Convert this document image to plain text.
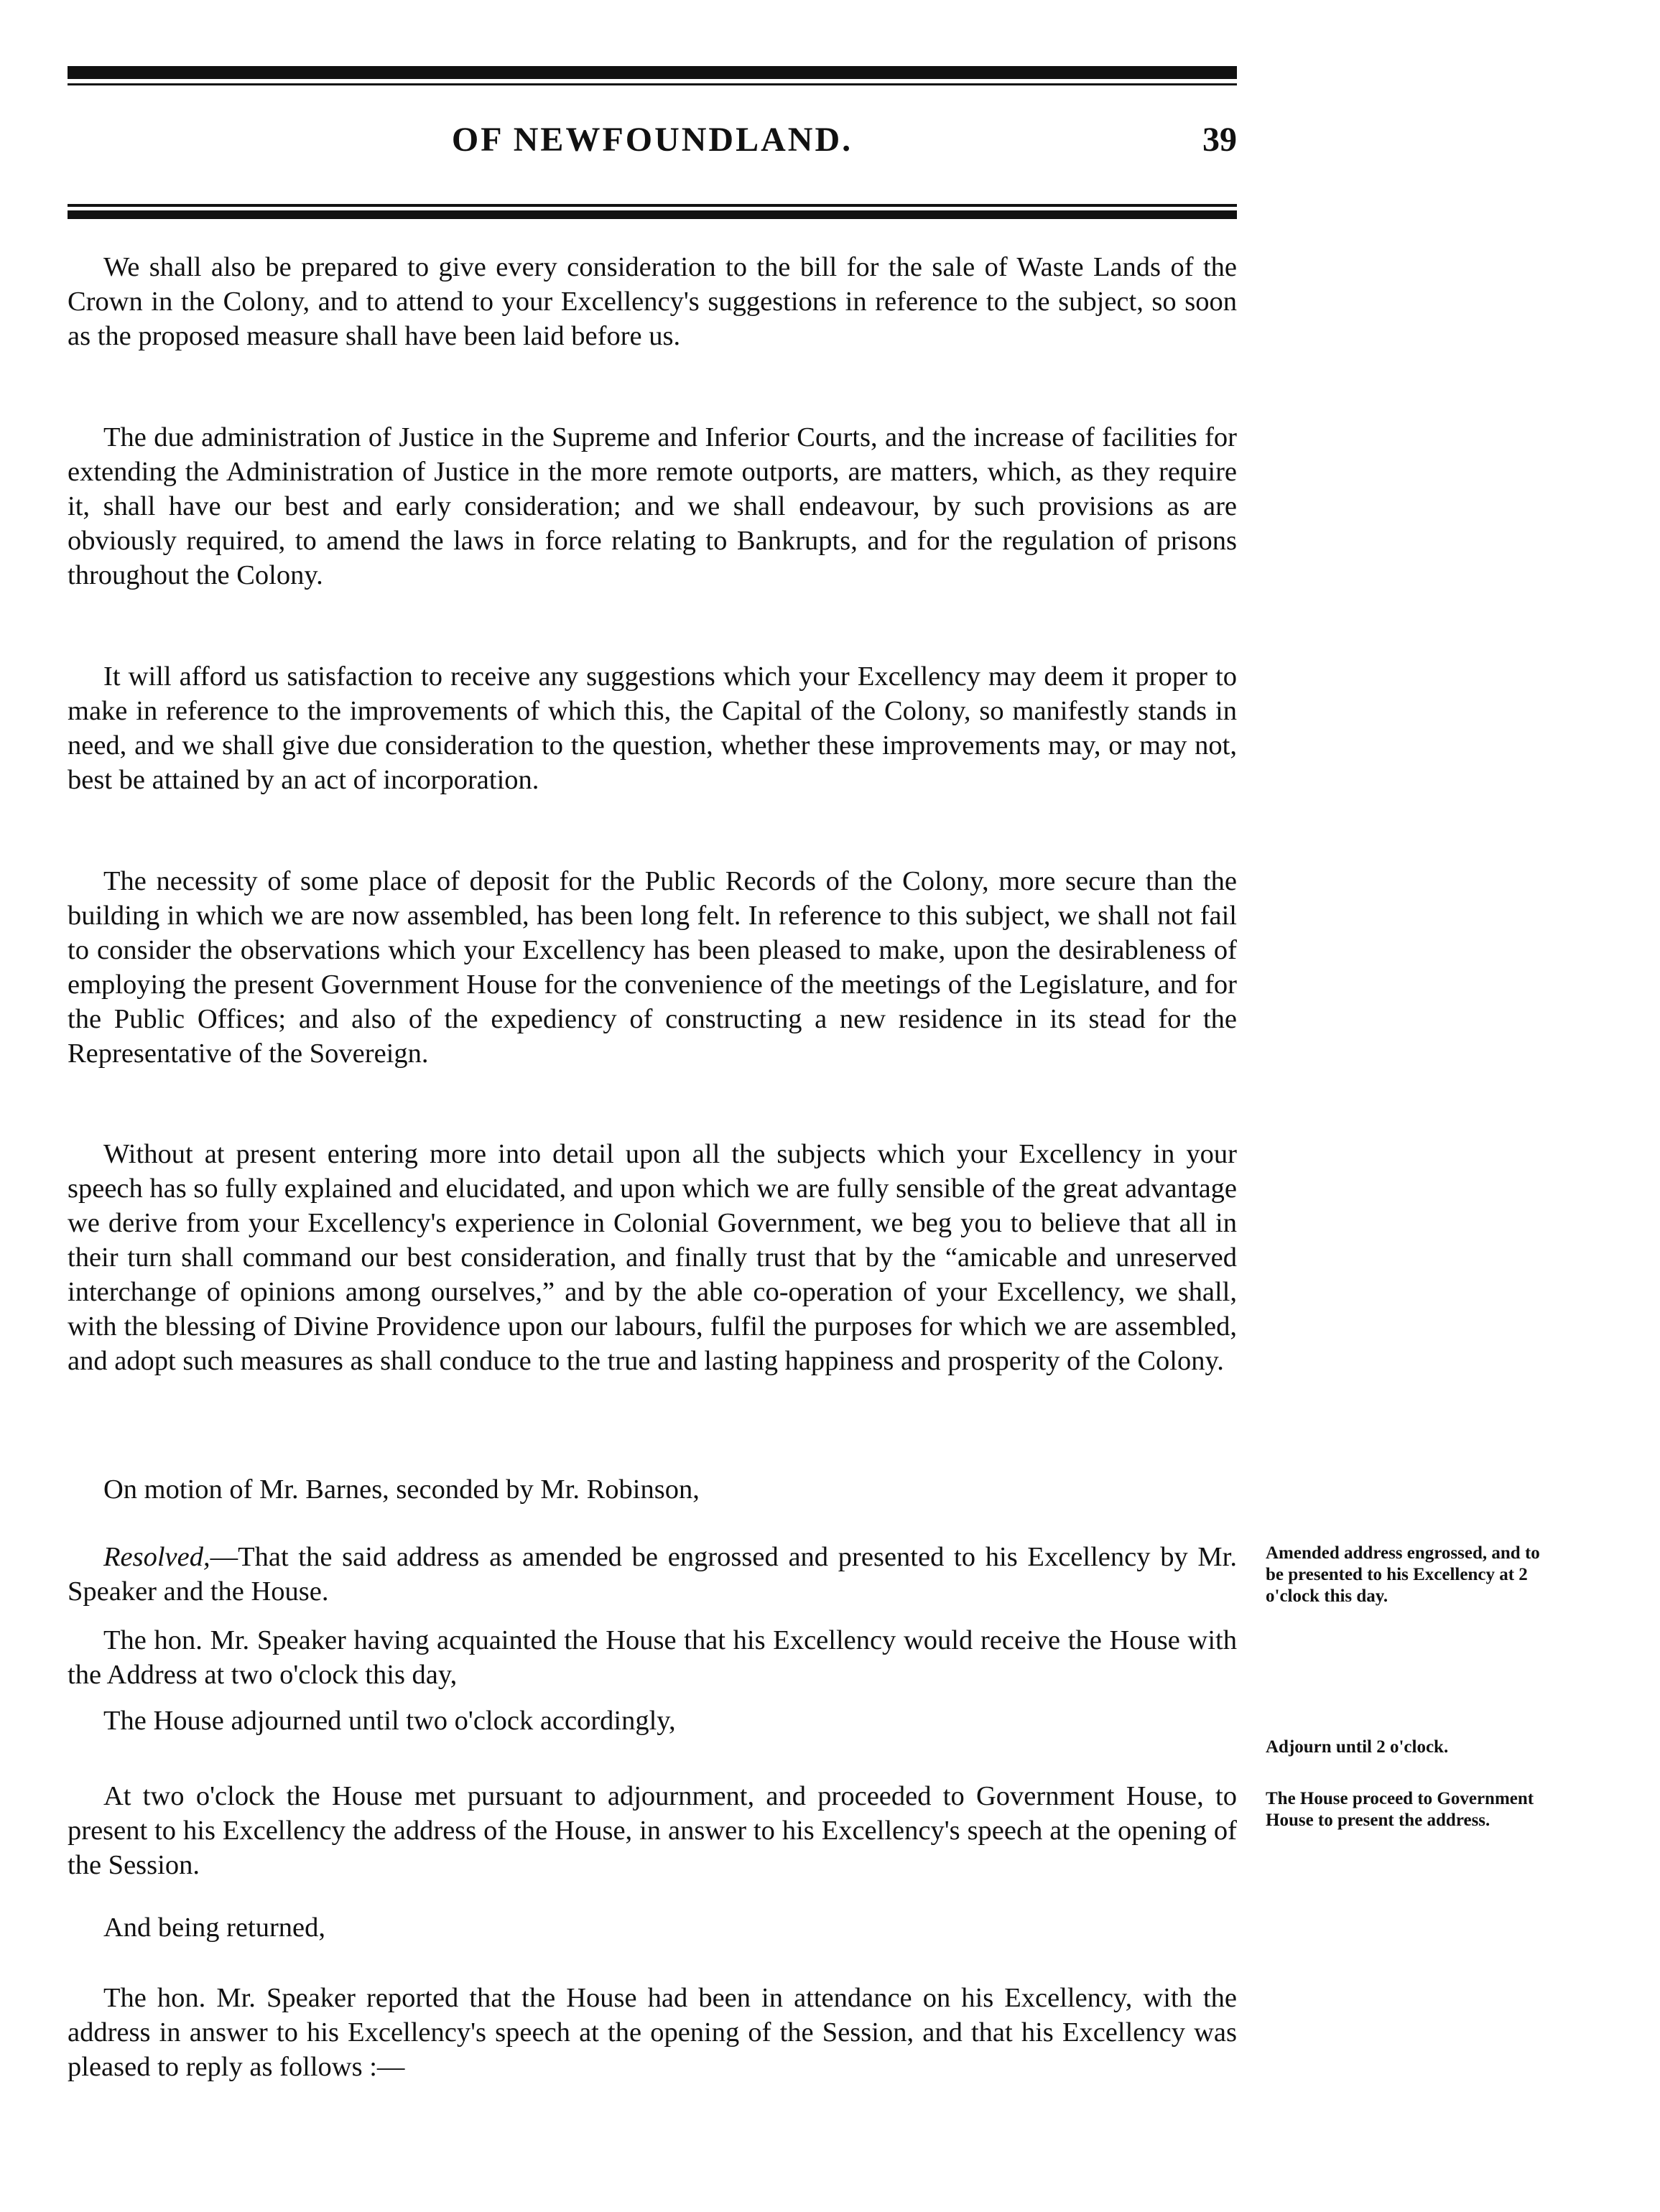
OF NEWFOUNDLAND.	39

We shall also be prepared to give every consideration to the bill for the sale of Waste Lands of the Crown in the Colony, and to attend to your Excellency's suggestions in reference to the subject, so soon as the proposed measure shall have been laid before us.

The due administration of Justice in the Supreme and Inferior Courts, and the increase of facilities for extending the Administration of Justice in the more remote outports, are matters, which, as they require it, shall have our best and early consideration; and we shall endeavour, by such provisions as are obviously required, to amend the laws in force relating to Bankrupts, and for the regulation of prisons throughout the Colony.

It will afford us satisfaction to receive any suggestions which your Excellency may deem it proper to make in reference to the improvements of which this, the Capital of the Colony, so manifestly stands in need, and we shall give due consideration to the question, whether these improvements may, or may not, best be attained by an act of incorporation.

The necessity of some place of deposit for the Public Records of the Colony, more secure than the building in which we are now assembled, has been long felt. In reference to this subject, we shall not fail to consider the observations which your Excellency has been pleased to make, upon the desirableness of employing the present Government House for the convenience of the meetings of the Legislature, and for the Public Offices; and also of the expediency of constructing a new residence in its stead for the Representative of the Sovereign.

Without at present entering more into detail upon all the subjects which your Excellency in your speech has so fully explained and elucidated, and upon which we are fully sensible of the great advantage we derive from your Excellency's experience in Colonial Government, we beg you to believe that all in their turn shall command our best consideration, and finally trust that by the “amicable and unreserved interchange of opinions among ourselves,” and by the able co-operation of your Excellency, we shall, with the blessing of Divine Providence upon our labours, fulfil the purposes for which we are assembled, and adopt such measures as shall conduce to the true and lasting happiness and prosperity of the Colony.

On motion of Mr. Barnes, seconded by Mr. Robinson,

Resolved,—That the said address as amended be engrossed and presented to his Excellency by Mr. Speaker and the House.

The hon. Mr. Speaker having acquainted the House that his Excellency would receive the House with the Address at two o'clock this day,

The House adjourned until two o'clock accordingly,

At two o'clock the House met pursuant to adjournment, and proceeded to Government House, to present to his Excellency the address of the House, in answer to his Excellency's speech at the opening of the Session.

And being returned,

The hon. Mr. Speaker reported that the House had been in attendance on his Excellency, with the address in answer to his Excellency's speech at the opening of the Session, and that his Excellency was pleased to reply as follows :—

Amended address engrossed, and to be presented to his Excellency at 2 o'clock this day.

Adjourn until 2 o'clock.

The House proceed to Government House to present the address.
